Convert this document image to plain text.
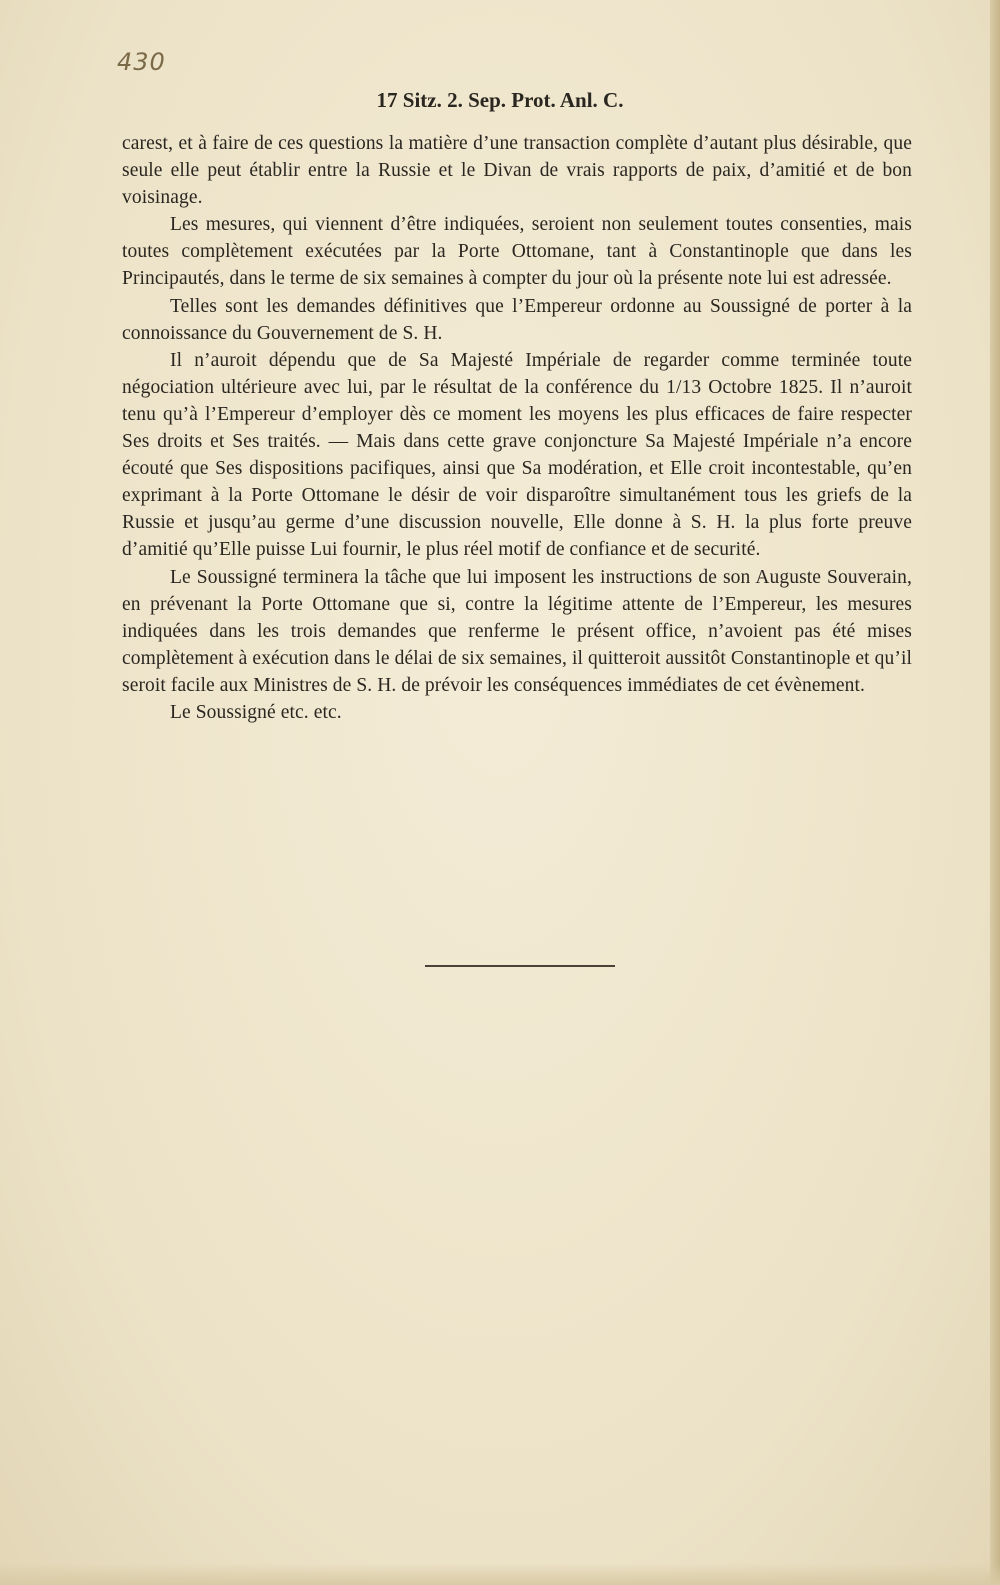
430
17 Sitz. 2. Sep. Prot. Anl. C.

carest, et à faire de ces questions la matière d’une transaction complète d’autant plus désirable, que seule elle peut établir entre la Russie et le Divan de vrais rapports de paix, d’amitié et de bon voisinage.

Les mesures, qui viennent d’être indiquées, seroient non seulement toutes consenties, mais toutes complètement exécutées par la Porte Ottomane, tant à Constantinople que dans les Principautés, dans le terme de six semaines à compter du jour où la présente note lui est adressée.

Telles sont les demandes définitives que l’Empereur ordonne au Soussigné de porter à la connoissance du Gouvernement de S. H.

Il n’auroit dépendu que de Sa Majesté Impériale de regarder comme terminée toute négociation ultérieure avec lui, par le résultat de la conférence du 1/13 Octobre 1825. Il n’auroit tenu qu’à l’Empereur d’employer dès ce moment les moyens les plus efficaces de faire respecter Ses droits et Ses traités. — Mais dans cette grave conjoncture Sa Majesté Impériale n’a encore écouté que Ses dispositions pacifiques, ainsi que Sa modération, et Elle croit incontestable, qu’en exprimant à la Porte Ottomane le désir de voir disparoître simultanément tous les griefs de la Russie et jusqu’au germe d’une discussion nouvelle, Elle donne à S. H. la plus forte preuve d’amitié qu’Elle puisse Lui fournir, le plus réel motif de confiance et de securité.

Le Soussigné terminera la tâche que lui imposent les instructions de son Auguste Souverain, en prévenant la Porte Ottomane que si, contre la légitime attente de l’Empereur, les mesures indiquées dans les trois demandes que renferme le présent office, n’avoient pas été mises complètement à exécution dans le délai de six semaines, il quitteroit aussitôt Constantinople et qu’il seroit facile aux Ministres de S. H. de prévoir les conséquences immédiates de cet évènement.

Le Soussigné etc. etc.
